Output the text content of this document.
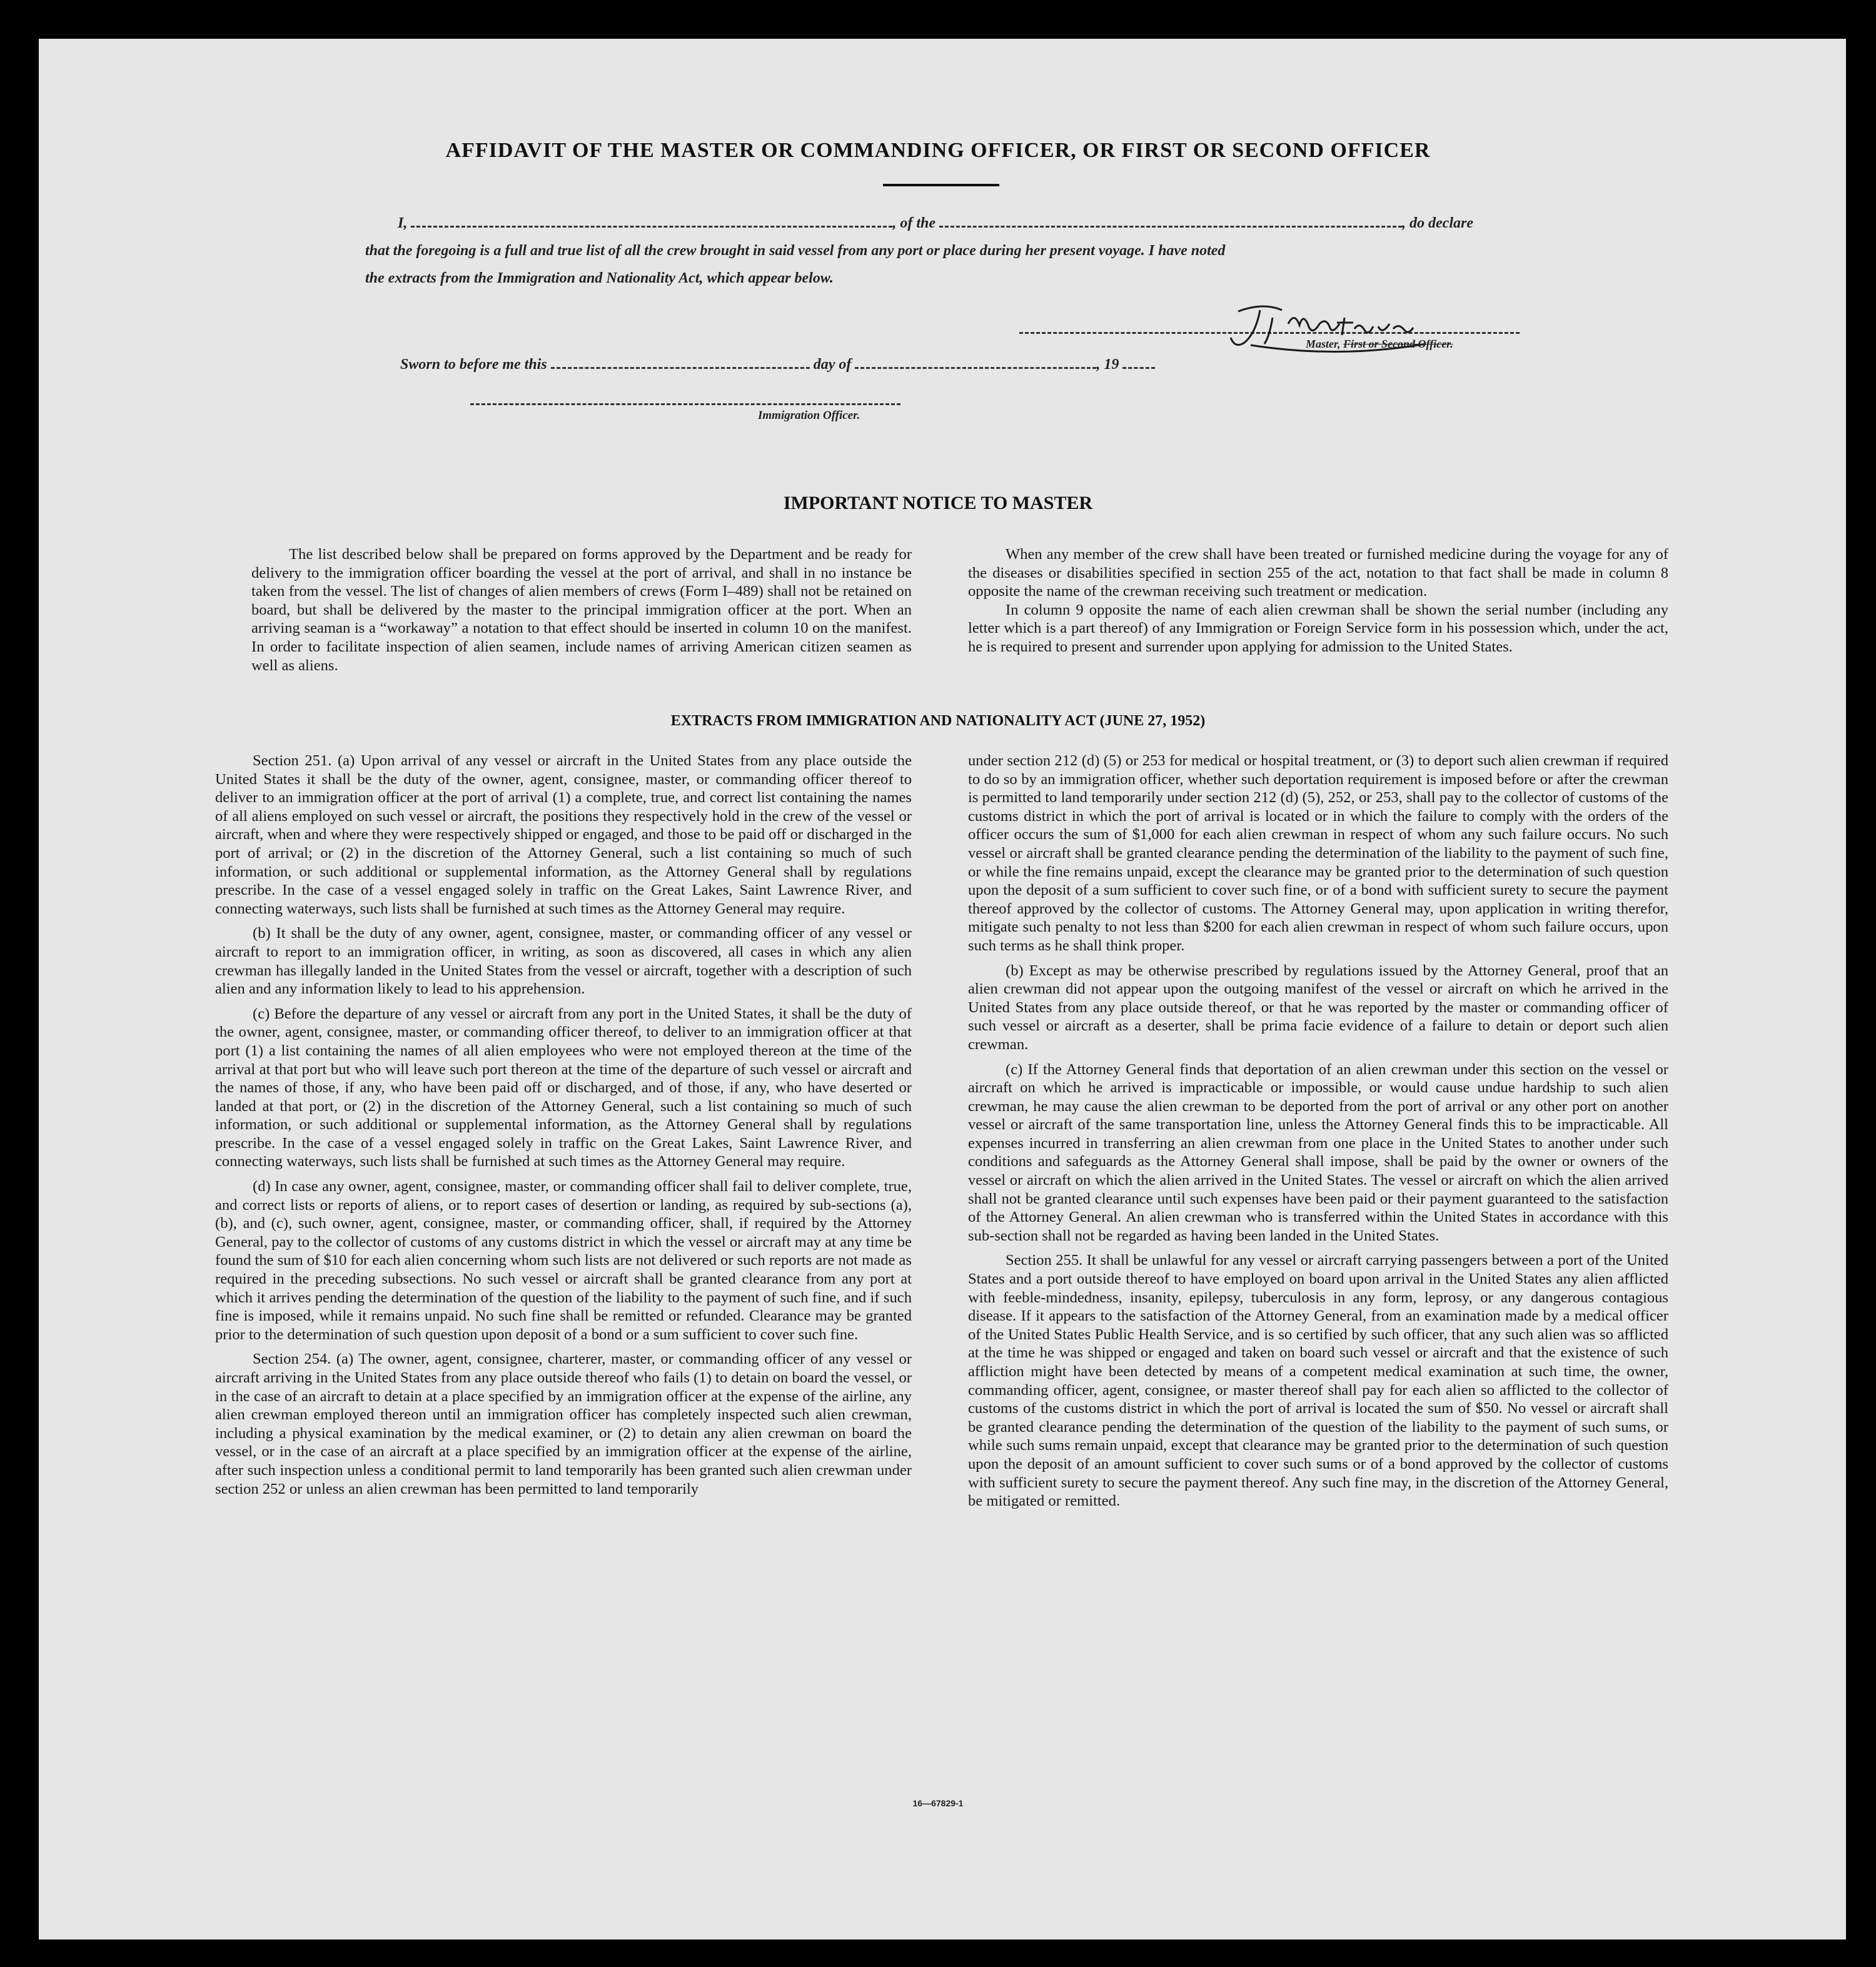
AFFIDAVIT OF THE MASTER OR COMMANDING OFFICER, OR FIRST OR SECOND OFFICER
I,	, of the	, do declare
that the foregoing is a full and true list of all the crew brought in said vessel from any port or place during her present voyage. I have noted
the extracts from the Immigration and Nationality Act, which appear below.
T.Matsunta
Master, First or Second Officer.
Sworn to before me this	day of	, 19
Immigration Officer.
IMPORTANT NOTICE TO MASTER

The list described below shall be prepared on forms approved by the Department and be ready for delivery to the immigration officer boarding the vessel at the port of arrival, and shall in no instance be taken from the vessel. The list of changes of alien members of crews (Form I–489) shall not be retained on board, but shall be delivered by the master to the principal immigration officer at the port. When an arriving seaman is a “workaway” a notation to that effect should be inserted in column 10 on the manifest. In order to facilitate inspection of alien seamen, include names of arriving American citizen seamen as well as aliens.

When any member of the crew shall have been treated or furnished medicine during the voyage for any of the diseases or disabilities specified in section 255 of the act, notation to that fact shall be made in column 8 opposite the name of the crewman receiving such treatment or medication.

In column 9 opposite the name of each alien crewman shall be shown the serial number (including any letter which is a part thereof) of any Immigration or Foreign Service form in his possession which, under the act, he is required to present and surrender upon applying for admission to the United States.

EXTRACTS FROM IMMIGRATION AND NATIONALITY ACT (JUNE 27, 1952)

Section 251. (a) Upon arrival of any vessel or aircraft in the United States from any place outside the United States it shall be the duty of the owner, agent, consignee, master, or commanding officer thereof to deliver to an immigration officer at the port of arrival (1) a complete, true, and correct list containing the names of all aliens employed on such vessel or aircraft, the positions they respectively hold in the crew of the vessel or aircraft, when and where they were respectively shipped or engaged, and those to be paid off or discharged in the port of arrival; or (2) in the discretion of the Attorney General, such a list containing so much of such information, or such additional or supplemental information, as the Attorney General shall by regulations prescribe. In the case of a vessel engaged solely in traffic on the Great Lakes, Saint Lawrence River, and connecting waterways, such lists shall be furnished at such times as the Attorney General may require.

(b) It shall be the duty of any owner, agent, consignee, master, or commanding officer of any vessel or aircraft to report to an immigration officer, in writing, as soon as discovered, all cases in which any alien crewman has illegally landed in the United States from the vessel or aircraft, together with a description of such alien and any information likely to lead to his apprehension.

(c) Before the departure of any vessel or aircraft from any port in the United States, it shall be the duty of the owner, agent, consignee, master, or commanding officer thereof, to deliver to an immigration officer at that port (1) a list containing the names of all alien employees who were not employed thereon at the time of the arrival at that port but who will leave such port thereon at the time of the departure of such vessel or aircraft and the names of those, if any, who have been paid off or discharged, and of those, if any, who have deserted or landed at that port, or (2) in the discretion of the Attorney General, such a list containing so much of such information, or such additional or supplemental information, as the Attorney General shall by regulations prescribe. In the case of a vessel engaged solely in traffic on the Great Lakes, Saint Lawrence River, and connecting waterways, such lists shall be furnished at such times as the Attorney General may require.

(d) In case any owner, agent, consignee, master, or commanding officer shall fail to deliver complete, true, and correct lists or reports of aliens, or to report cases of desertion or landing, as required by sub-sections (a), (b), and (c), such owner, agent, consignee, master, or commanding officer, shall, if required by the Attorney General, pay to the collector of customs of any customs district in which the vessel or aircraft may at any time be found the sum of $10 for each alien concerning whom such lists are not delivered or such reports are not made as required in the preceding subsections. No such vessel or aircraft shall be granted clearance from any port at which it arrives pending the determination of the question of the liability to the payment of such fine, and if such fine is imposed, while it remains unpaid. No such fine shall be remitted or refunded. Clearance may be granted prior to the determination of such question upon deposit of a bond or a sum sufficient to cover such fine.

Section 254. (a) The owner, agent, consignee, charterer, master, or commanding officer of any vessel or aircraft arriving in the United States from any place outside thereof who fails (1) to detain on board the vessel, or in the case of an aircraft to detain at a place specified by an immigration officer at the expense of the airline, any alien crewman employed thereon until an immigration officer has completely inspected such alien crewman, including a physical examination by the medical examiner, or (2) to detain any alien crewman on board the vessel, or in the case of an aircraft at a place specified by an immigration officer at the expense of the airline, after such inspection unless a conditional permit to land temporarily has been granted such alien crewman under section 252 or unless an alien crewman has been permitted to land temporarily

under section 212 (d) (5) or 253 for medical or hospital treatment, or (3) to deport such alien crewman if required to do so by an immigration officer, whether such deportation requirement is imposed before or after the crewman is permitted to land temporarily under section 212 (d) (5), 252, or 253, shall pay to the collector of customs of the customs district in which the port of arrival is located or in which the failure to comply with the orders of the officer occurs the sum of $1,000 for each alien crewman in respect of whom any such failure occurs. No such vessel or aircraft shall be granted clearance pending the determination of the liability to the payment of such fine, or while the fine remains unpaid, except the clearance may be granted prior to the determination of such question upon the deposit of a sum sufficient to cover such fine, or of a bond with sufficient surety to secure the payment thereof approved by the collector of customs. The Attorney General may, upon application in writing therefor, mitigate such penalty to not less than $200 for each alien crewman in respect of whom such failure occurs, upon such terms as he shall think proper.

(b) Except as may be otherwise prescribed by regulations issued by the Attorney General, proof that an alien crewman did not appear upon the outgoing manifest of the vessel or aircraft on which he arrived in the United States from any place outside thereof, or that he was reported by the master or commanding officer of such vessel or aircraft as a deserter, shall be prima facie evidence of a failure to detain or deport such alien crewman.

(c) If the Attorney General finds that deportation of an alien crewman under this section on the vessel or aircraft on which he arrived is impracticable or impossible, or would cause undue hardship to such alien crewman, he may cause the alien crewman to be deported from the port of arrival or any other port on another vessel or aircraft of the same transportation line, unless the Attorney General finds this to be impracticable. All expenses incurred in transferring an alien crewman from one place in the United States to another under such conditions and safeguards as the Attorney General shall impose, shall be paid by the owner or owners of the vessel or aircraft on which the alien arrived in the United States. The vessel or aircraft on which the alien arrived shall not be granted clearance until such expenses have been paid or their payment guaranteed to the satisfaction of the Attorney General. An alien crewman who is transferred within the United States in accordance with this sub-section shall not be regarded as having been landed in the United States.

Section 255. It shall be unlawful for any vessel or aircraft carrying passengers between a port of the United States and a port outside thereof to have employed on board upon arrival in the United States any alien afflicted with feeble-mindedness, insanity, epilepsy, tuberculosis in any form, leprosy, or any dangerous contagious disease. If it appears to the satisfaction of the Attorney General, from an examination made by a medical officer of the United States Public Health Service, and is so certified by such officer, that any such alien was so afflicted at the time he was shipped or engaged and taken on board such vessel or aircraft and that the existence of such affliction might have been detected by means of a competent medical examination at such time, the owner, commanding officer, agent, consignee, or master thereof shall pay for each alien so afflicted to the collector of customs of the customs district in which the port of arrival is located the sum of $50. No vessel or aircraft shall be granted clearance pending the determination of the question of the liability to the payment of such sums, or while such sums remain unpaid, except that clearance may be granted prior to the determination of such question upon the deposit of an amount sufficient to cover such sums or of a bond approved by the collector of customs with sufficient surety to secure the payment thereof. Any such fine may, in the discretion of the Attorney General, be mitigated or remitted.

16—67829-1
